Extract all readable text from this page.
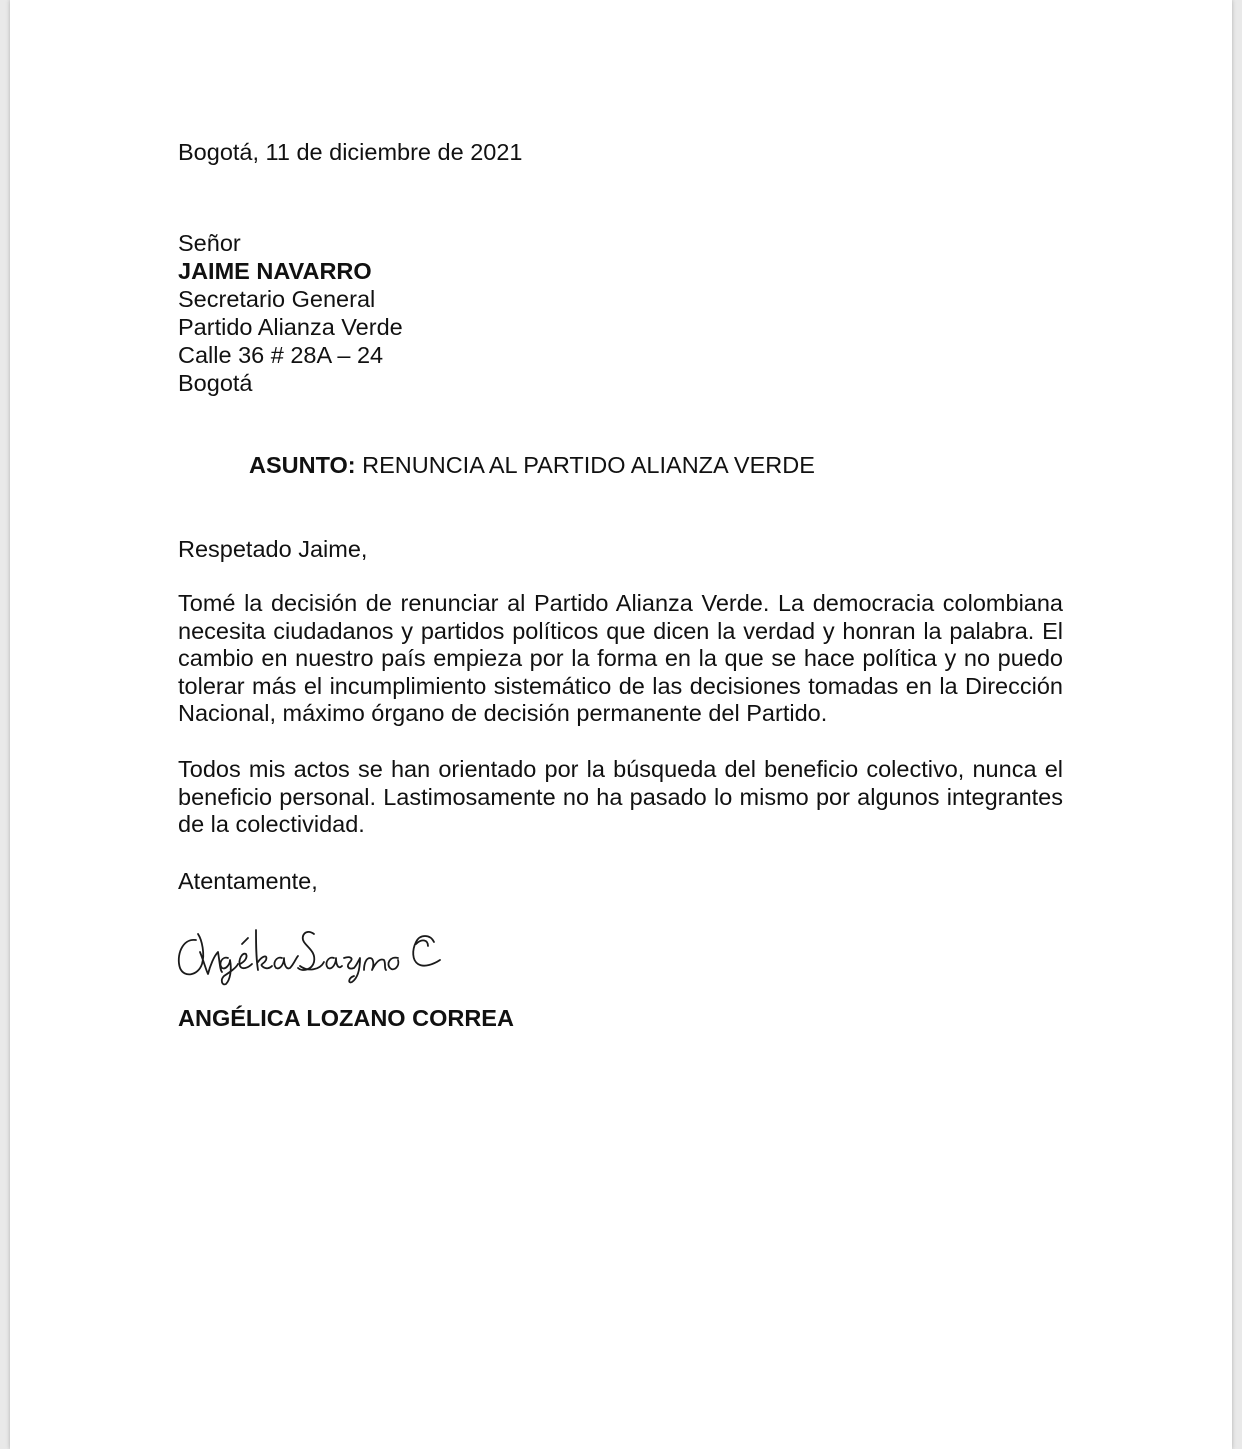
Bogotá, 11 de diciembre de 2021
Señor
JAIME NAVARRO
Secretario General
Partido Alianza Verde
Calle 36 # 28A – 24
Bogotá
ASUNTO: RENUNCIA AL PARTIDO ALIANZA VERDE
Respetado Jaime,
Tomé la decisión de renunciar al Partido Alianza Verde. La democracia colombiana
necesita ciudadanos y partidos políticos que dicen la verdad y honran la palabra. El
cambio en nuestro país empieza por la forma en la que se hace política y no puedo
tolerar más el incumplimiento sistemático de las decisiones tomadas en la Dirección
Nacional, máximo órgano de decisión permanente del Partido.
Todos mis actos se han orientado por la búsqueda del beneficio colectivo, nunca el
beneficio personal. Lastimosamente no ha pasado lo mismo por algunos integrantes
de la colectividad.
Atentamente,
ANGÉLICA LOZANO CORREA
